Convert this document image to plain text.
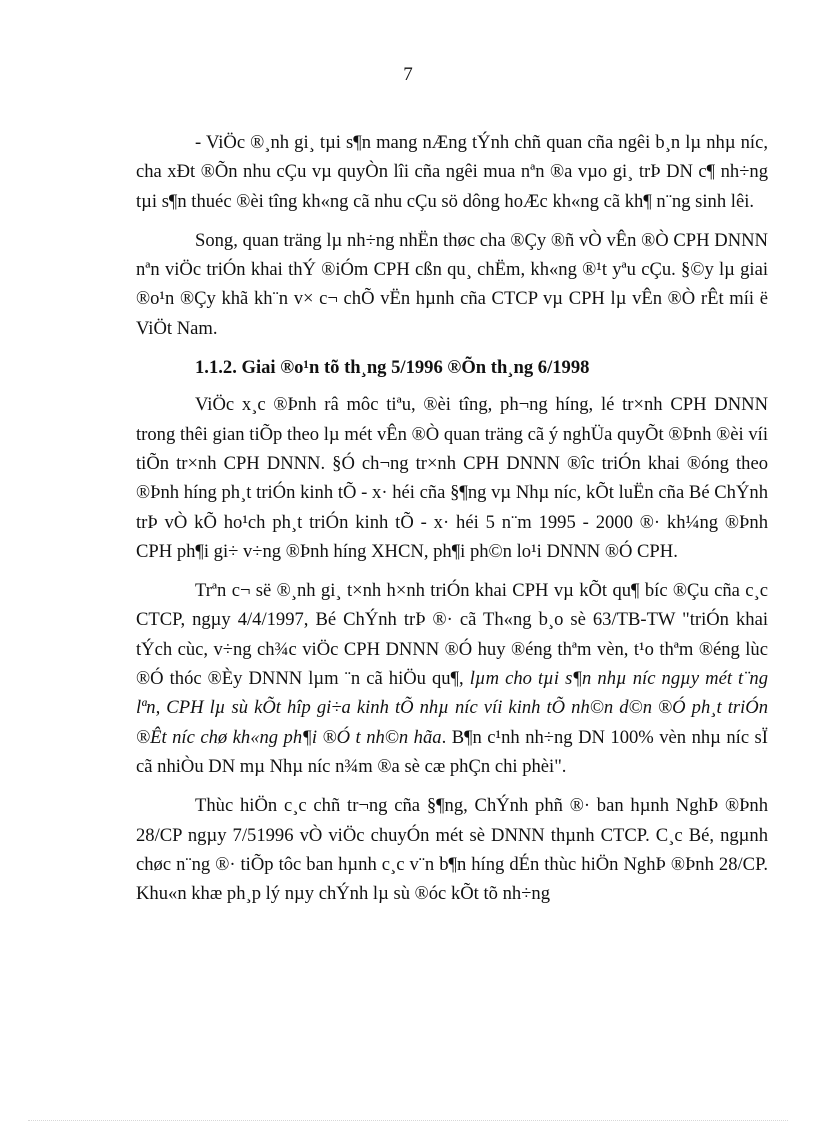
7

- ViÖc ®¸nh gi¸ tµi s¶n mang nÆng tÝnh chñ quan cña ngêi b¸n lµ nhµ níc, cha xÐt ®Õn nhu cÇu vµ quyÒn lîi cña ngêi mua nªn ®a vµo gi¸ trÞ DN c¶ nh÷ng tµi s¶n thuéc ®èi tîng kh«ng cã nhu cÇu sö dông hoÆc kh«ng cã kh¶ n¨ng sinh lêi.

Song, quan träng lµ nh÷ng nhËn thøc cha ®Çy ®ñ vÒ vÊn ®Ò CPH DNNN nªn viÖc triÓn khai thÝ ®iÓm CPH cßn qu¸ chËm, kh«ng ®¹t yªu cÇu. §©y lµ giai ®o¹n ®Çy khã kh¨n v× c¬ chÕ vËn hµnh cña CTCP vµ CPH lµ vÊn ®Ò rÊt míi ë ViÖt Nam.

1.1.2. Giai ®o¹n tõ th¸ng 5/1996 ®Õn th¸ng 6/1998

ViÖc x¸c ®Þnh râ môc tiªu, ®èi tîng, ph¬ng híng, lé tr×nh CPH DNNN trong thêi gian tiÕp theo lµ mét vÊn ®Ò quan träng cã ý nghÜa quyÕt ®Þnh ®èi víi tiÕn tr×nh CPH DNNN. §Ó ch¬ng tr×nh CPH DNNN ®îc triÓn khai ®óng theo ®Þnh híng ph¸t triÓn kinh tÕ - x· héi cña §¶ng vµ Nhµ níc, kÕt luËn cña Bé ChÝnh trÞ vÒ kÕ ho¹ch ph¸t triÓn kinh tÕ - x· héi 5 n¨m 1995 - 2000 ®· kh¼ng ®Þnh CPH ph¶i gi÷ v÷ng ®Þnh híng XHCN, ph¶i ph©n lo¹i DNNN ®Ó CPH.

Trªn c¬ së ®¸nh gi¸ t×nh h×nh triÓn khai CPH vµ kÕt qu¶ bíc ®Çu cña c¸c CTCP, ngµy 4/4/1997, Bé ChÝnh trÞ ®· cã Th«ng b¸o sè 63/TB-TW "triÓn khai tÝch cùc, v÷ng ch¾c viÖc CPH DNNN ®Ó huy ®éng thªm vèn, t¹o thªm ®éng lùc ®Ó thóc ®Èy DNNN lµm ¨n cã hiÖu qu¶, lµm cho tµi s¶n nhµ níc ngµy mét t¨ng lªn, CPH lµ sù kÕt hîp gi÷a kinh tÕ nhµ níc víi kinh tÕ nh©n d©n ®Ó ph¸t triÓn ®Êt níc chø kh«ng ph¶i ®Ó t nh©n hãa. B¶n c¹nh nh÷ng DN 100% vèn nhµ níc sÏ cã nhiÒu DN mµ Nhµ níc n¾m ®a sè cæ phÇn chi phèi".

Thùc hiÖn c¸c chñ tr¬ng cña §¶ng, ChÝnh phñ ®· ban hµnh NghÞ ®Þnh 28/CP ngµy 7/51996 vÒ viÖc chuyÓn mét sè DNNN thµnh CTCP. C¸c Bé, ngµnh chøc n¨ng ®· tiÕp tôc ban hµnh c¸c v¨n b¶n híng dÉn thùc hiÖn NghÞ ®Þnh 28/CP. Khu«n khæ ph¸p lý nµy chÝnh lµ sù ®óc kÕt tõ nh÷ng
